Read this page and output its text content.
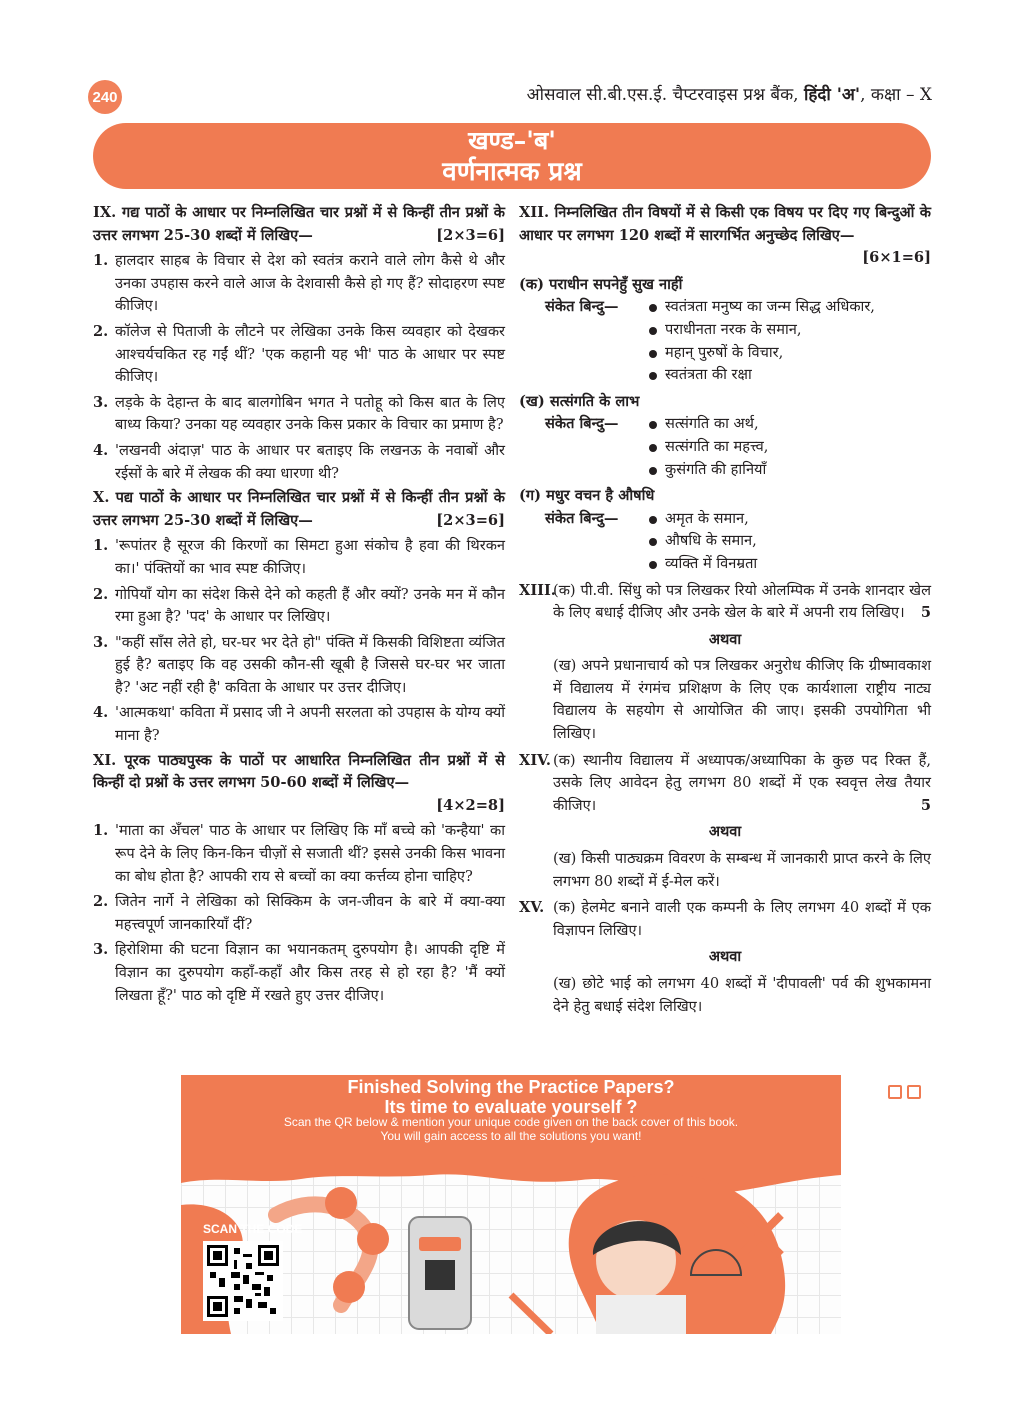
240	ओसवाल सी.बी.एस.ई. चैप्टरवाइस प्रश्न बैंक, हिंदी 'अ', कक्षा – X
खण्ड–'ब'
वर्णनात्मक प्रश्न
IX. गद्य पाठों के आधार पर निम्नलिखित चार प्रश्नों में से किन्हीं तीन प्रश्नों के उत्तर लगभग 25-30 शब्दों में लिखिए—	[2×3=6]
1. हालदार साहब के विचार से देश को स्वतंत्र कराने वाले लोग कैसे थे और उनका उपहास करने वाले आज के देशवासी कैसे हो गए हैं? सोदाहरण स्पष्ट कीजिए।
2. कॉलेज से पिताजी के लौटने पर लेखिका उनके किस व्यवहार को देखकर आश्चर्यचकित रह गईं थीं? 'एक कहानी यह भी' पाठ के आधार पर स्पष्ट कीजिए।
3. लड़के के देहान्त के बाद बालगोबिन भगत ने पतोहू को किस बात के लिए बाध्य किया? उनका यह व्यवहार उनके किस प्रकार के विचार का प्रमाण है?
4. 'लखनवी अंदाज़' पाठ के आधार पर बताइए कि लखनऊ के नवाबों और रईसों के बारे में लेखक की क्या धारणा थी?
X. पद्य पाठों के आधार पर निम्नलिखित चार प्रश्नों में से किन्हीं तीन प्रश्नों के उत्तर लगभग 25-30 शब्दों में लिखिए—	[2×3=6]
1. 'रूपांतर है सूरज की किरणों का सिमटा हुआ संकोच है हवा की थिरकन का।' पंक्तियों का भाव स्पष्ट कीजिए।
2. गोपियाँ योग का संदेश किसे देने को कहती हैं और क्यों? उनके मन में कौन रमा हुआ है? 'पद' के आधार पर लिखिए।
3. "कहीं साँस लेते हो, घर-घर भर देते हो" पंक्ति में किसकी विशिष्टता व्यंजित हुई है? बताइए कि वह उसकी कौन-सी खूबी है जिससे घर-घर भर जाता है? 'अट नहीं रही है' कविता के आधार पर उत्तर दीजिए।
4. 'आत्मकथा' कविता में प्रसाद जी ने अपनी सरलता को उपहास के योग्य क्यों माना है?
XI. पूरक पाठ्यपुस्क के पाठों पर आधारित निम्नलिखित तीन प्रश्नों में से किन्हीं दो प्रश्नों के उत्तर लगभग 50-60 शब्दों में लिखिए—
[4×2=8]
1. 'माता का अँचल' पाठ के आधार पर लिखिए कि माँ बच्चे को 'कन्हैया' का रूप देने के लिए किन-किन चीज़ों से सजाती थीं? इससे उनकी किस भावना का बोध होता है? आपकी राय से बच्चों का क्या कर्त्तव्य होना चाहिए?
2. जितेन नार्गे ने लेखिका को सिक्किम के जन-जीवन के बारे में क्या-क्या महत्त्वपूर्ण जानकारियाँ दीं?
3. हिरोशिमा की घटना विज्ञान का भयानकतम् दुरुपयोग है। आपकी दृष्टि में विज्ञान का दुरुपयोग कहाँ-कहाँ और किस तरह से हो रहा है? 'मैं क्यों लिखता हूँ?' पाठ को दृष्टि में रखते हुए उत्तर दीजिए।
XII. निम्नलिखित तीन विषयों में से किसी एक विषय पर दिए गए बिन्दुओं के आधार पर लगभग 120 शब्दों में सारगर्भित अनुच्छेद लिखिए—
[6×1=6]
(क) पराधीन सपनेहुँ सुख नाहीं
संकेत बिन्दु—	स्वतंत्रता मनुष्य का जन्म सिद्ध अधिकार,
पराधीनता नरक के समान,
महान् पुरुषों के विचार,
स्वतंत्रता की रक्षा
(ख) सत्संगति के लाभ
संकेत बिन्दु—	सत्संगति का अर्थ,
सत्संगति का महत्त्व,
कुसंगति की हानियाँ
(ग) मधुर वचन है औषधि
संकेत बिन्दु—	अमृत के समान,
औषधि के समान,
व्यक्ति में विनम्रता
XIII.
(क) पी.वी. सिंधु को पत्र लिखकर रियो ओलम्पिक में उनके शानदार खेल के लिए बधाई दीजिए और उनके खेल के बारे में अपनी राय लिखिए। 5
अथवा
(ख) अपने प्रधानाचार्य को पत्र लिखकर अनुरोध कीजिए कि ग्रीष्मावकाश में विद्यालय में रंगमंच प्रशिक्षण के लिए एक कार्यशाला राष्ट्रीय नाट्य विद्यालय के सहयोग से आयोजित की जाए। इसकी उपयोगिता भी लिखिए।
XIV. (क) स्थानीय विद्यालय में अध्यापक/अध्यापिका के कुछ पद रिक्त हैं, उसके लिए आवेदन हेतु लगभग 80 शब्दों में एक स्ववृत्त लेख तैयार कीजिए।	5
अथवा
(ख) किसी पाठ्यक्रम विवरण के सम्बन्ध में जानकारी प्राप्त करने के लिए लगभग 80 शब्दों में ई-मेल करें।
XV. (क) हेलमेट बनाने वाली एक कम्पनी के लिए लगभग 40 शब्दों में एक विज्ञापन लिखिए।
अथवा
(ख) छोटे भाई को लगभग 40 शब्दों में 'दीपावली' पर्व की शुभकामना देने हेतु बधाई संदेश लिखिए।
Finished Solving the Practice Papers?
Its time to evaluate yourself ?
Scan the QR below & mention your unique code given on the back cover of this book.
You will gain access to all the solutions you want!
SCAN THE CODE
